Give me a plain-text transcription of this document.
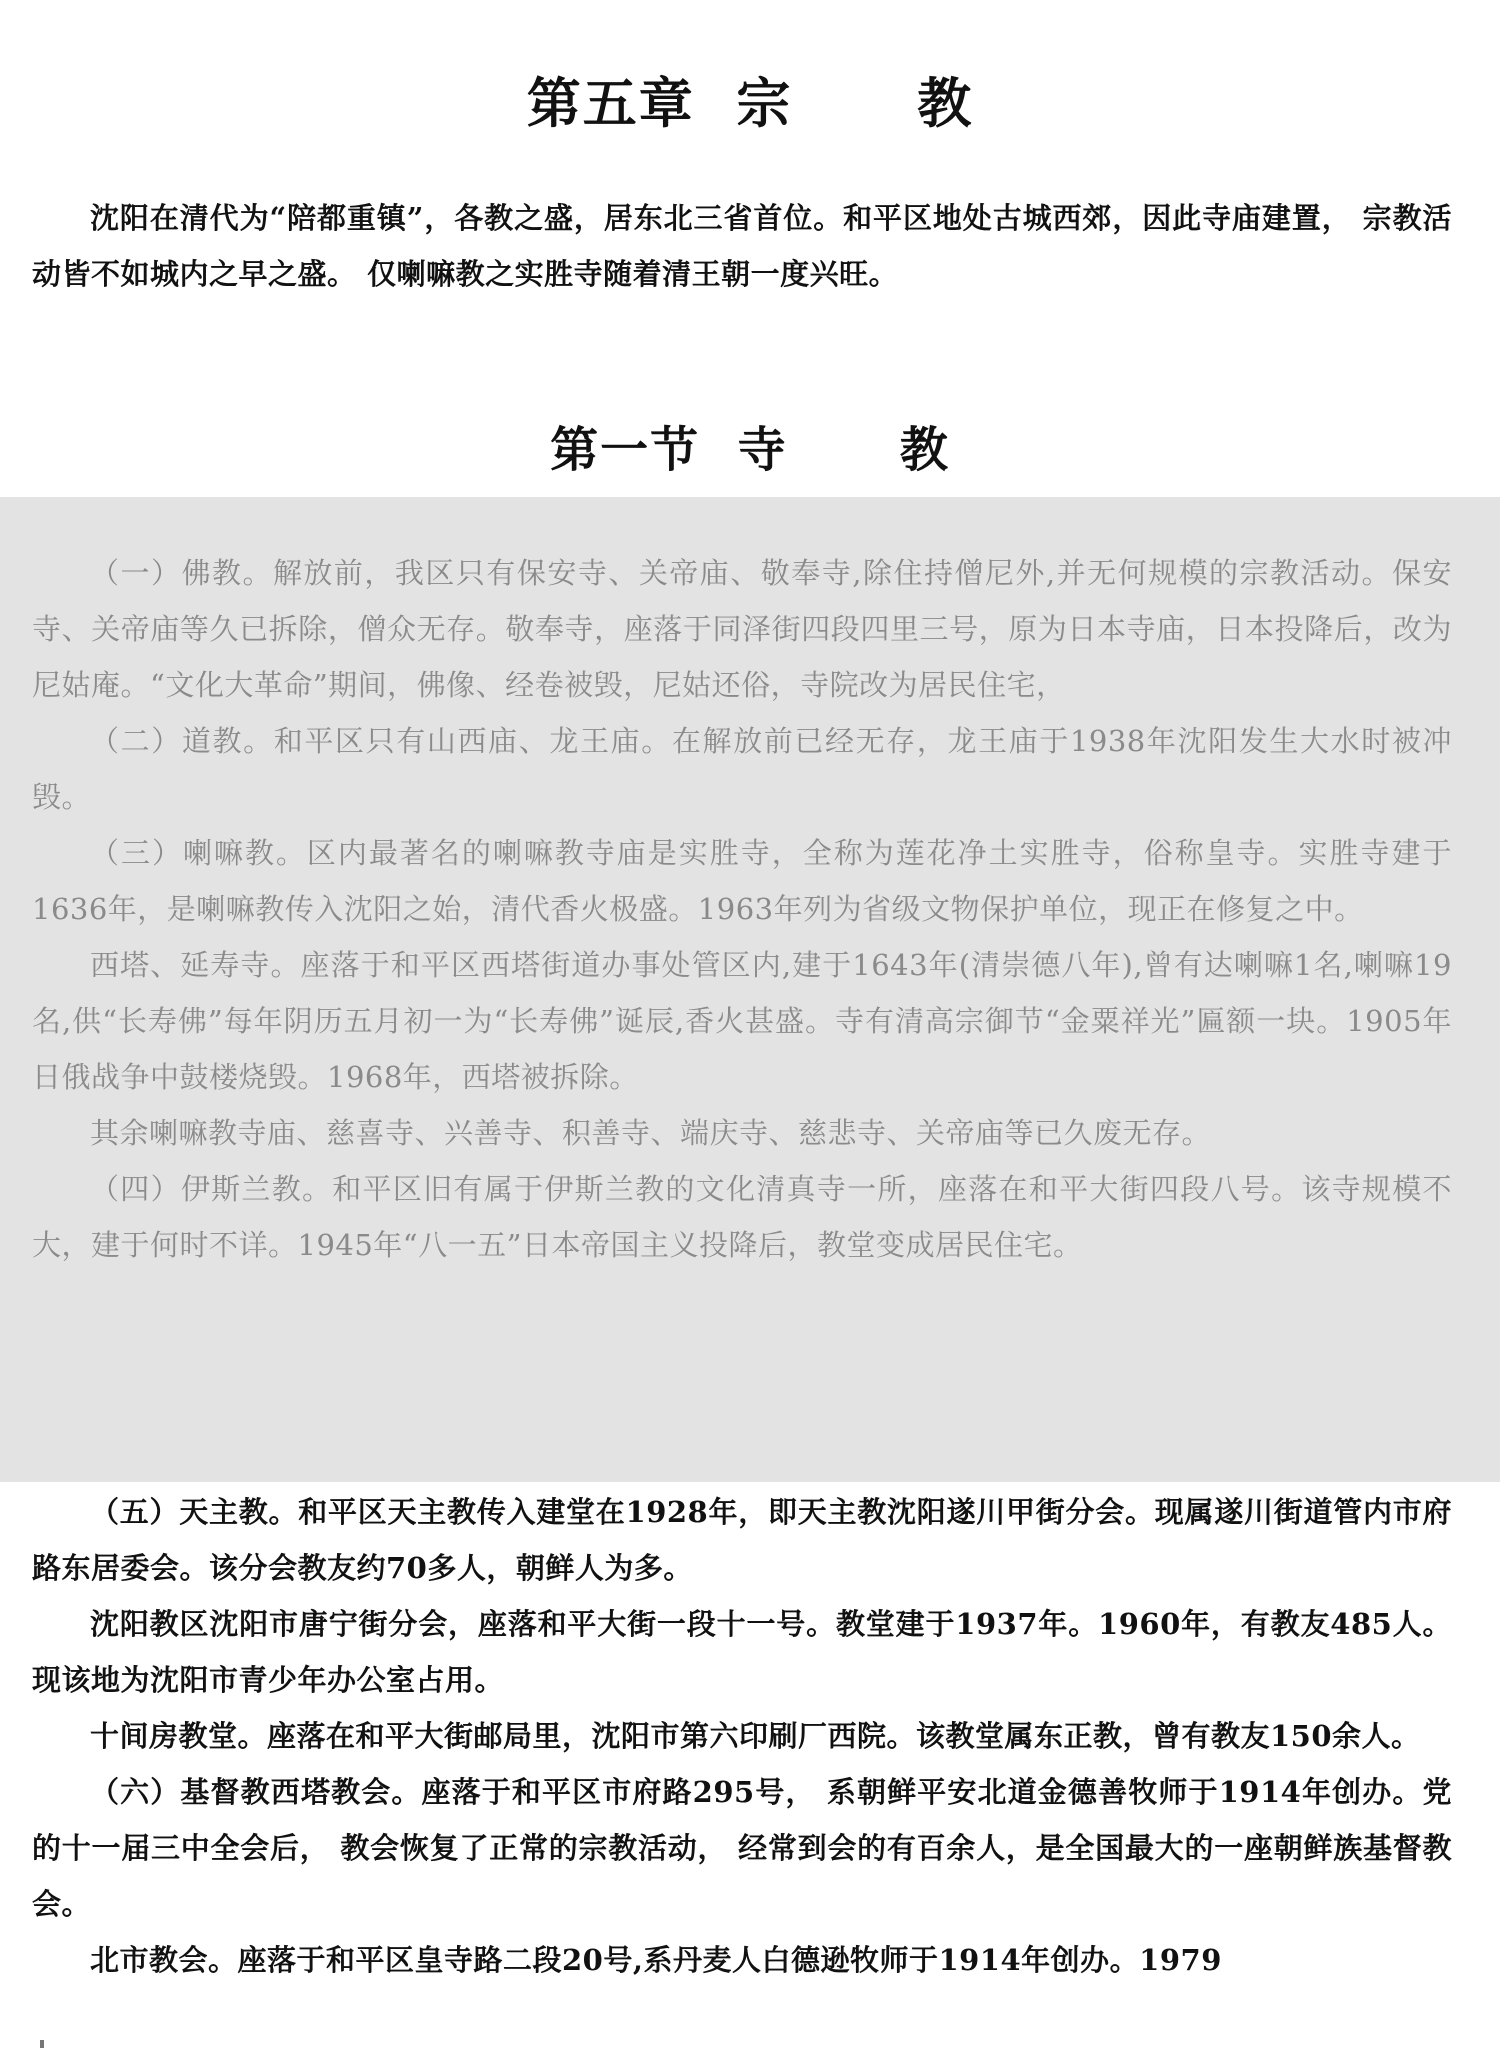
第五章  宗      教

沈阳在清代为“陪都重镇”，各教之盛，居东北三省首位。和平区地处古城西郊，因此寺庙建置， 宗教活动皆不如城内之早之盛。 仅喇嘛教之实胜寺随着清王朝一度兴旺。

第一节  寺      教

（一）佛教。解放前，我区只有保安寺、关帝庙、敬奉寺,除住持僧尼外,并无何规模的宗教活动。保安寺、关帝庙等久已拆除，僧众无存。敬奉寺，座落于同泽街四段四里三号，原为日本寺庙，日本投降后，改为尼姑庵。“文化大革命”期间，佛像、经卷被毁，尼姑还俗，寺院改为居民住宅，

（二）道教。和平区只有山西庙、龙王庙。在解放前已经无存，龙王庙于1938年沈阳发生大水时被冲毁。

（三）喇嘛教。区内最著名的喇嘛教寺庙是实胜寺，全称为莲花净土实胜寺，俗称皇寺。实胜寺建于1636年，是喇嘛教传入沈阳之始，清代香火极盛。1963年列为省级文物保护单位，现正在修复之中。

西塔、延寿寺。座落于和平区西塔街道办事处管区内,建于1643年(清崇德八年),曾有达喇嘛1名,喇嘛19名,供“长寿佛”每年阴历五月初一为“长寿佛”诞辰,香火甚盛。寺有清高宗御节“金粟祥光”匾额一块。1905年日俄战争中鼓楼烧毁。1968年，西塔被拆除。

其余喇嘛教寺庙、慈喜寺、兴善寺、积善寺、端庆寺、慈悲寺、关帝庙等已久废无存。

（四）伊斯兰教。和平区旧有属于伊斯兰教的文化清真寺一所，座落在和平大街四段八号。该寺规模不大，建于何时不详。1945年“八一五”日本帝国主义投降后，教堂变成居民住宅。

（五）天主教。和平区天主教传入建堂在1928年，即天主教沈阳遂川甲街分会。现属遂川街道管内市府路东居委会。该分会教友约70多人，朝鲜人为多。

沈阳教区沈阳市唐宁街分会，座落和平大街一段十一号。教堂建于1937年。1960年，有教友485人。现该地为沈阳市青少年办公室占用。

十间房教堂。座落在和平大街邮局里，沈阳市第六印刷厂西院。该教堂属东正教，曾有教友150余人。

（六）基督教西塔教会。座落于和平区市府路295号， 系朝鲜平安北道金德善牧师于1914年创办。党的十一届三中全会后， 教会恢复了正常的宗教活动， 经常到会的有百余人，是全国最大的一座朝鲜族基督教会。

北市教会。座落于和平区皇寺路二段20号,系丹麦人白德逊牧师于1914年创办。1979
